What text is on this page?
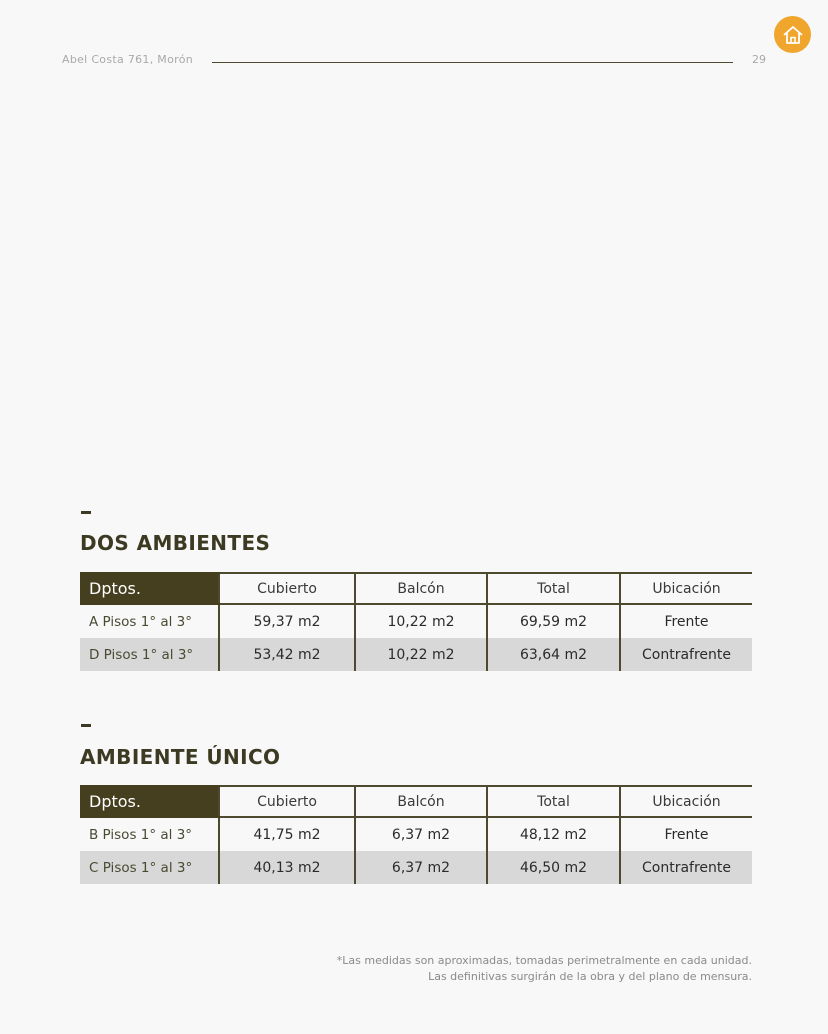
Abel Costa 761, Morón	29
DOS AMBIENTES
Dptos.	Cubierto	Balcón	Total	Ubicación
A Pisos 1° al 3°	59,37 m2	10,22 m2	69,59 m2	Frente
D Pisos 1° al 3°	53,42 m2	10,22 m2	63,64 m2	Contrafrente
AMBIENTE ÚNICO
Dptos.	Cubierto	Balcón	Total	Ubicación
B Pisos 1° al 3°	41,75 m2	6,37 m2	48,12 m2	Frente
C Pisos 1° al 3°	40,13 m2	6,37 m2	46,50 m2	Contrafrente
*Las medidas son aproximadas, tomadas perimetralmente en cada unidad.
Las definitivas surgirán de la obra y del plano de mensura.
